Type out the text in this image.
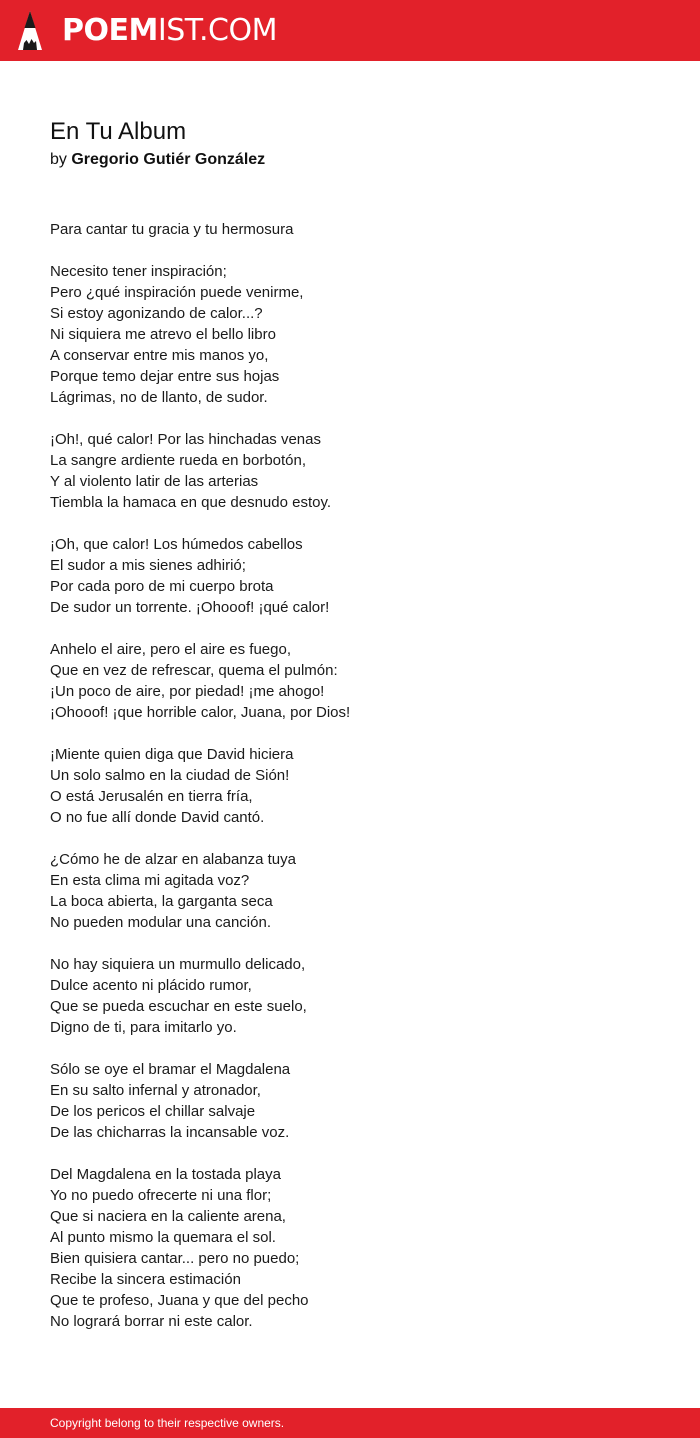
POEMIST.COM
En Tu Album
by Gregorio Gutiér González
Para cantar tu gracia y tu hermosura
Necesito tener inspiración;
Pero ¿qué inspiración puede venirme,
Si estoy agonizando de calor...?
Ni siquiera me atrevo el bello libro
A conservar entre mis manos yo,
Porque temo dejar entre sus hojas
Lágrimas, no de llanto, de sudor.
¡Oh!, qué calor! Por las hinchadas venas
La sangre ardiente rueda en borbotón,
Y al violento latir de las arterias
Tiembla la hamaca en que desnudo estoy.
¡Oh, que calor! Los húmedos cabellos
El sudor a mis sienes adhirió;
Por cada poro de mi cuerpo brota
De sudor un torrente. ¡Ohooof! ¡qué calor!
Anhelo el aire, pero el aire es fuego,
Que en vez de refrescar, quema el pulmón:
¡Un poco de aire, por piedad! ¡me ahogo!
¡Ohooof! ¡que horrible calor, Juana, por Dios!
¡Miente quien diga que David hiciera
Un solo salmo en la ciudad de Sión!
O está Jerusalén en tierra fría,
O no fue allí donde David cantó.
¿Cómo he de alzar en alabanza tuya
En esta clima mi agitada voz?
La boca abierta, la garganta seca
No pueden modular una canción.
No hay siquiera un murmullo delicado,
Dulce acento ni plácido rumor,
Que se pueda escuchar en este suelo,
Digno de ti, para imitarlo yo.
Sólo se oye el bramar el Magdalena
En su salto infernal y atronador,
De los pericos el chillar salvaje
De las chicharras la incansable voz.
Del Magdalena en la tostada playa
Yo no puedo ofrecerte ni una flor;
Que si naciera en la caliente arena,
Al punto mismo la quemara el sol.
Bien quisiera cantar... pero no puedo;
Recibe la sincera estimación
Que te profeso, Juana y que del pecho
No logrará borrar ni este calor.
Copyright belong to their respective owners.
